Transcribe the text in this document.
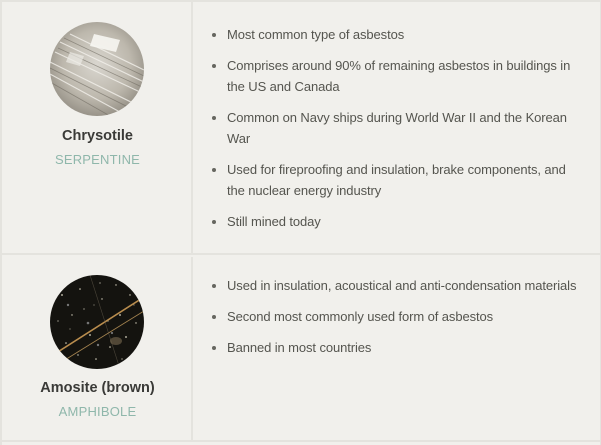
Chrysotile
SERPENTINE
Most common type of asbestos
Comprises around 90% of remaining asbestos in buildings in the US and Canada
Common on Navy ships during World War II and the Korean War
Used for fireproofing and insulation, brake components, and the nuclear energy industry
Still mined today
Amosite (brown)
AMPHIBOLE
Used in insulation, acoustical and anti-condensation materials
Second most commonly used form of asbestos
Banned in most countries
